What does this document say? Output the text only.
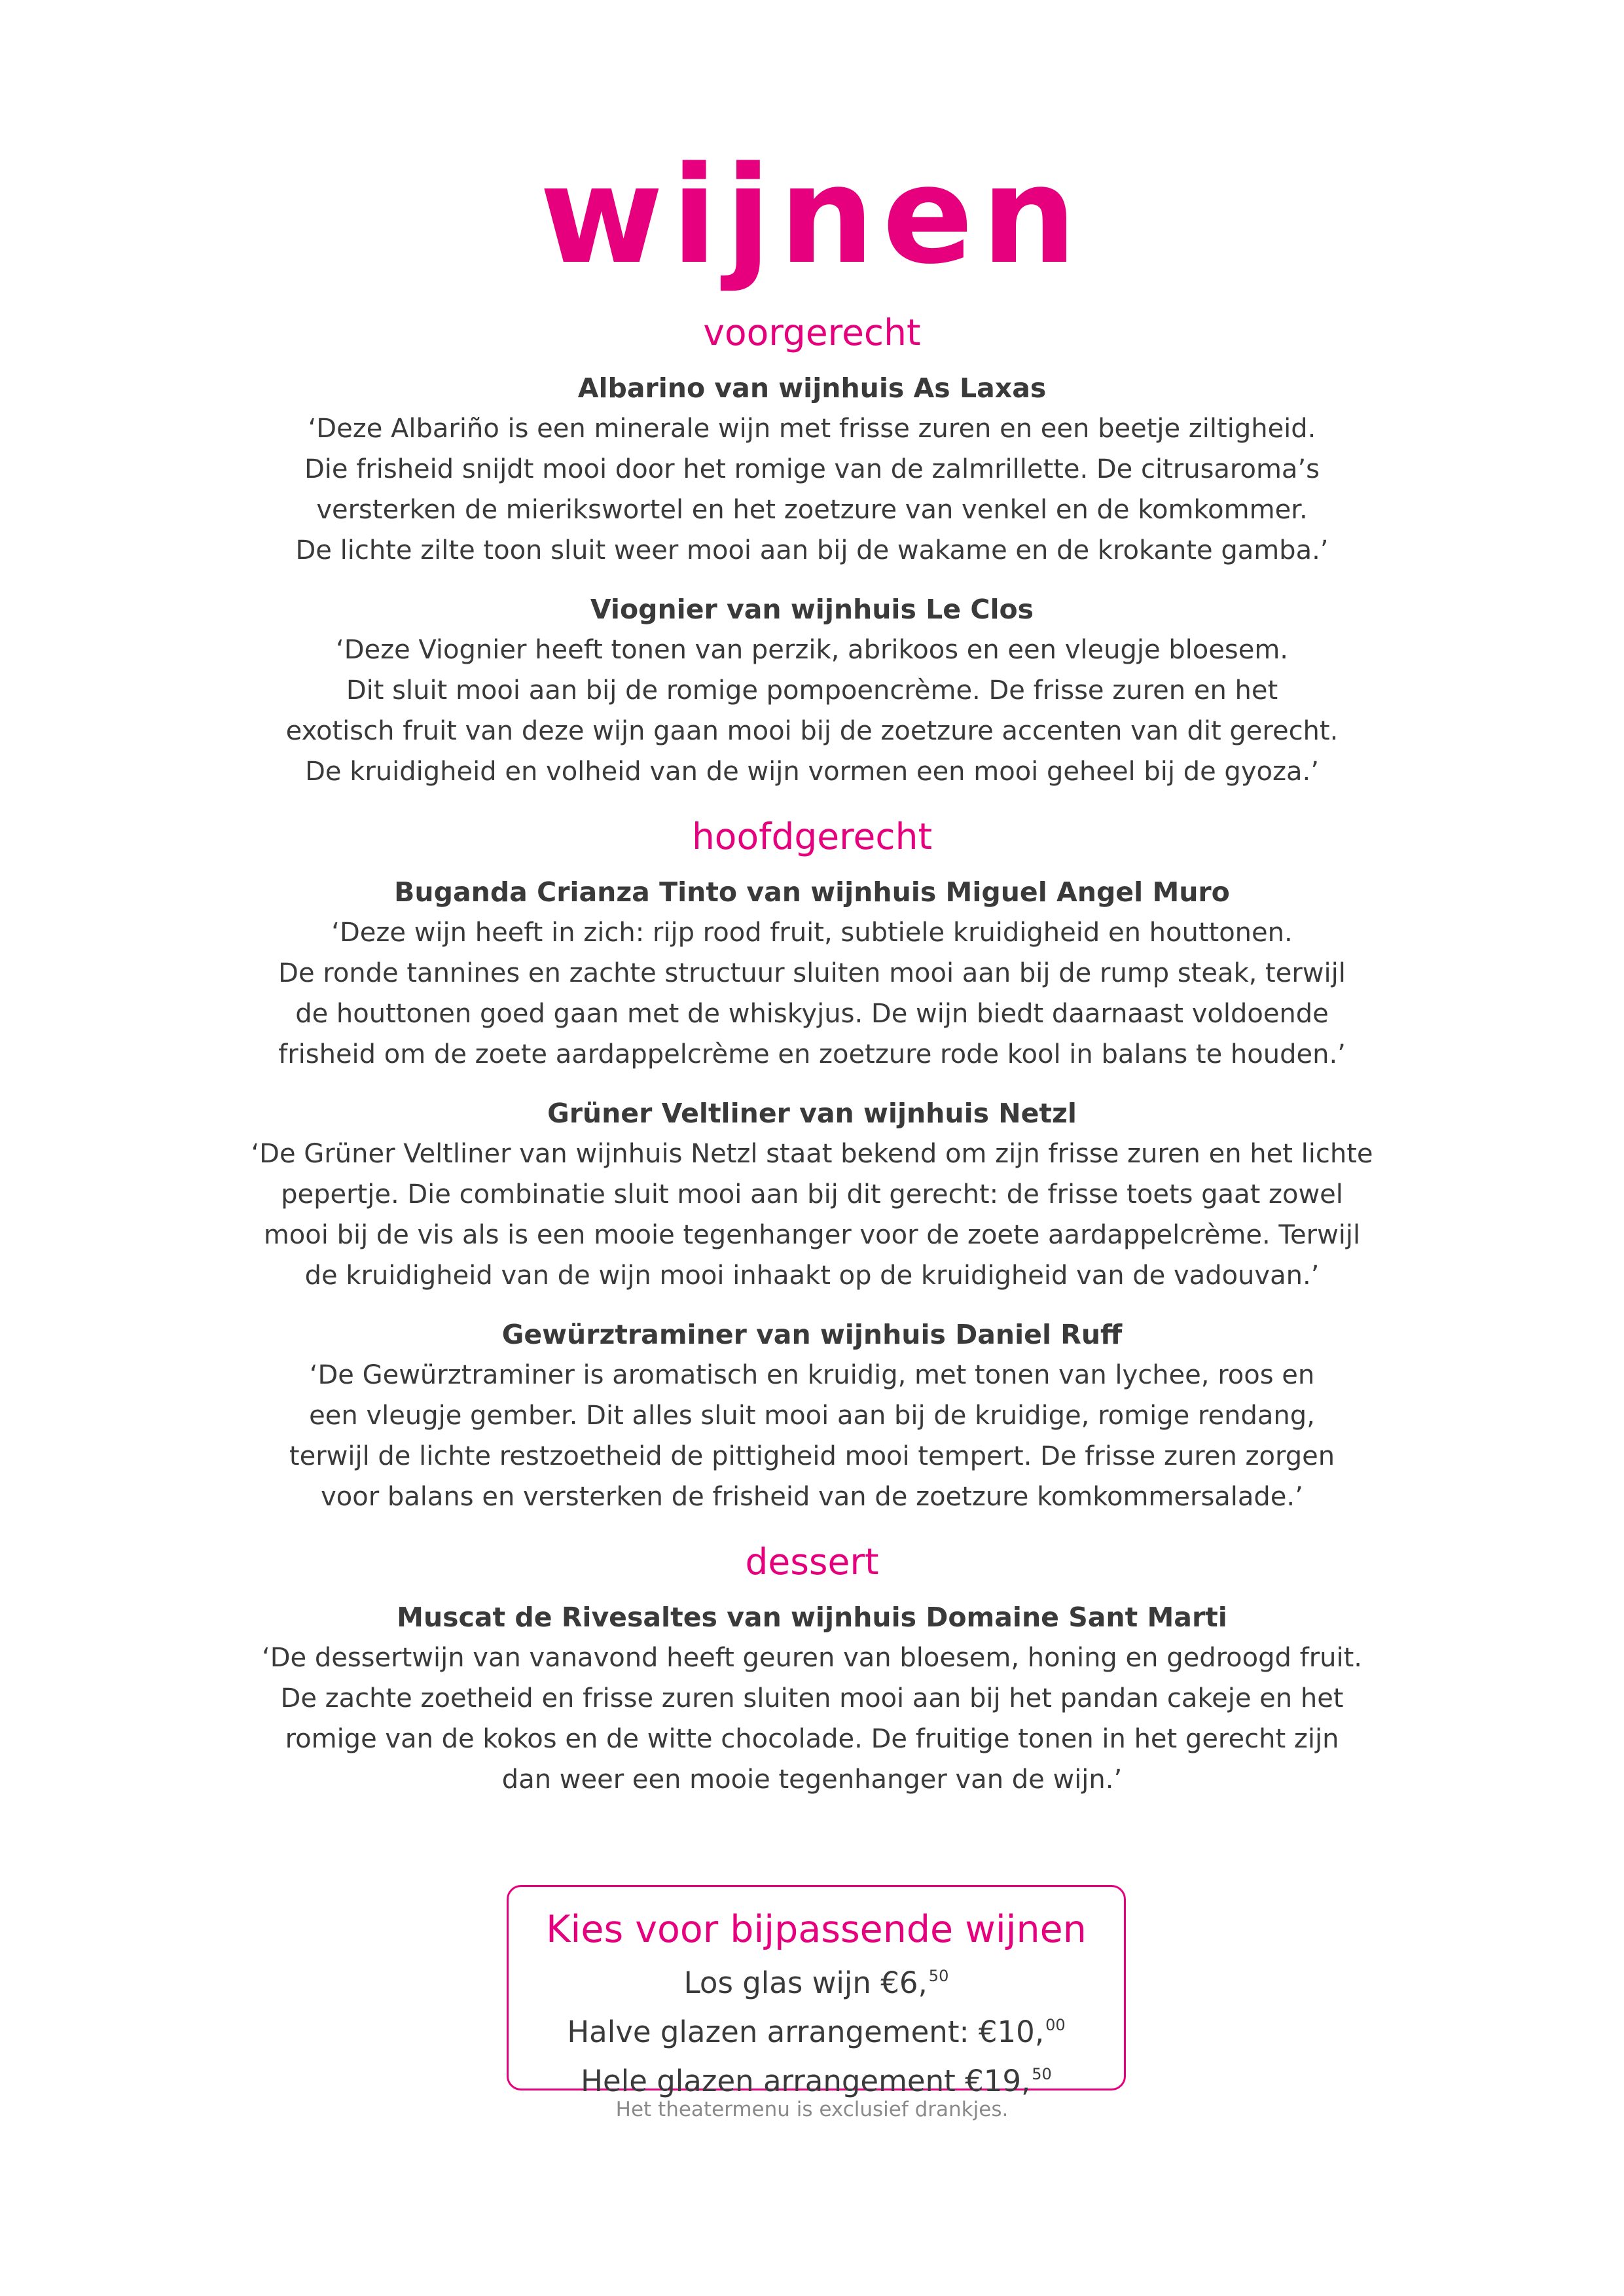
wijnen
voorgerecht

Albarino van wijnhuis As Laxas

‘Deze Albariño is een minerale wijn met frisse zuren en een beetje ziltigheid.
Die frisheid snijdt mooi door het romige van de zalmrillette. De citrusaroma’s
versterken de mierikswortel en het zoetzure van venkel en de komkommer.
De lichte zilte toon sluit weer mooi aan bij de wakame en de krokante gamba.’

Viognier van wijnhuis Le Clos

‘Deze Viognier heeft tonen van perzik, abrikoos en een vleugje bloesem.
Dit sluit mooi aan bij de romige pompoencrème. De frisse zuren en het
exotisch fruit van deze wijn gaan mooi bij de zoetzure accenten van dit gerecht.
De kruidigheid en volheid van de wijn vormen een mooi geheel bij de gyoza.’

hoofdgerecht

Buganda Crianza Tinto van wijnhuis Miguel Angel Muro

‘Deze wijn heeft in zich: rijp rood fruit, subtiele kruidigheid en houttonen.
De ronde tannines en zachte structuur sluiten mooi aan bij de rump steak, terwijl
de houttonen goed gaan met de whiskyjus. De wijn biedt daarnaast voldoende
frisheid om de zoete aardappelcrème en zoetzure rode kool in balans te houden.’

Grüner Veltliner van wijnhuis Netzl

‘De Grüner Veltliner van wijnhuis Netzl staat bekend om zijn frisse zuren en het lichte
pepertje. Die combinatie sluit mooi aan bij dit gerecht: de frisse toets gaat zowel
mooi bij de vis als is een mooie tegenhanger voor de zoete aardappelcrème. Terwijl
de kruidigheid van de wijn mooi inhaakt op de kruidigheid van de vadouvan.’

Gewürztraminer van wijnhuis Daniel Ruff

‘De Gewürztraminer is aromatisch en kruidig, met tonen van lychee, roos en
een vleugje gember. Dit alles sluit mooi aan bij de kruidige, romige rendang,
terwijl de lichte restzoetheid de pittigheid mooi tempert. De frisse zuren zorgen
voor balans en versterken de frisheid van de zoetzure komkommersalade.’

dessert

Muscat de Rivesaltes van wijnhuis Domaine Sant Marti

‘De dessertwijn van vanavond heeft geuren van bloesem, honing en gedroogd fruit.
De zachte zoetheid en frisse zuren sluiten mooi aan bij het pandan cakeje en het
romige van de kokos en de witte chocolade. De fruitige tonen in het gerecht zijn
dan weer een mooie tegenhanger van de wijn.’

Kies voor bijpassende wijnen

Los glas wijn €6,50

Halve glazen arrangement: €10,00

Hele glazen arrangement €19,50

Het theatermenu is exclusief drankjes.
